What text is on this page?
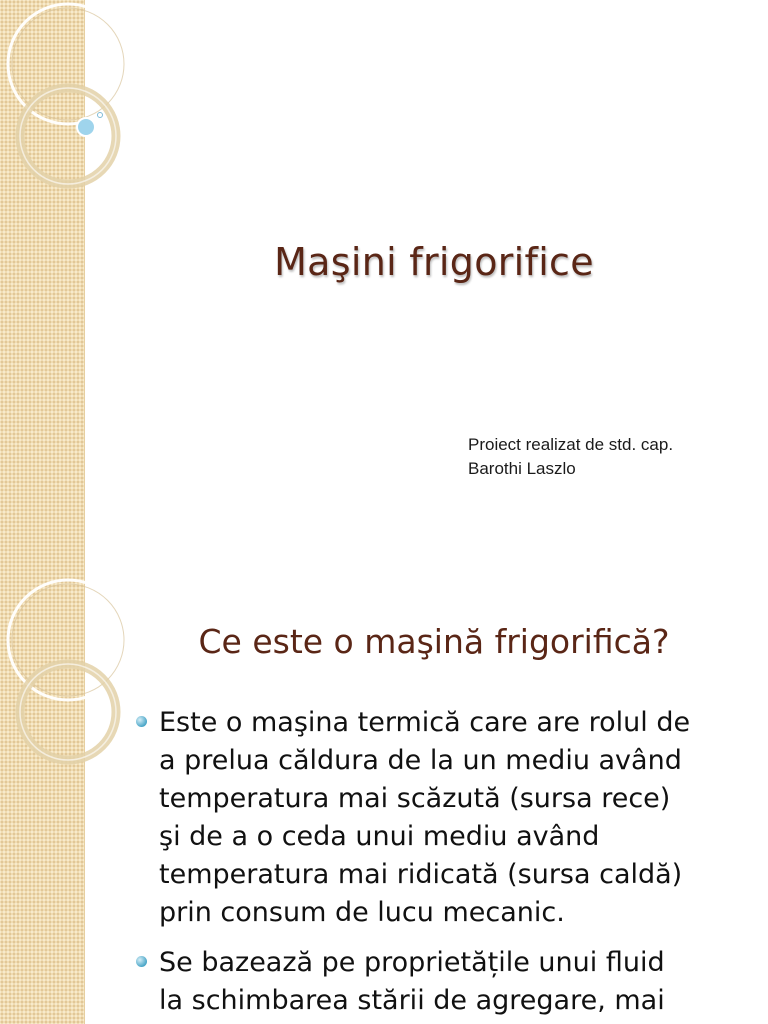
Maşini frigorifice
Proiect realizat de std. cap.
Barothi Laszlo
Ce este o maşină frigorifică?
Este o maşina termică care are rolul de
a prelua căldura de la un mediu având
temperatura mai scăzută (sursa rece)
şi de a o ceda unui mediu având
temperatura mai ridicată (sursa caldă)
prin consum de lucu mecanic.
Se bazează pe proprietățile unui fluid
la schimbarea stării de agregare, mai
